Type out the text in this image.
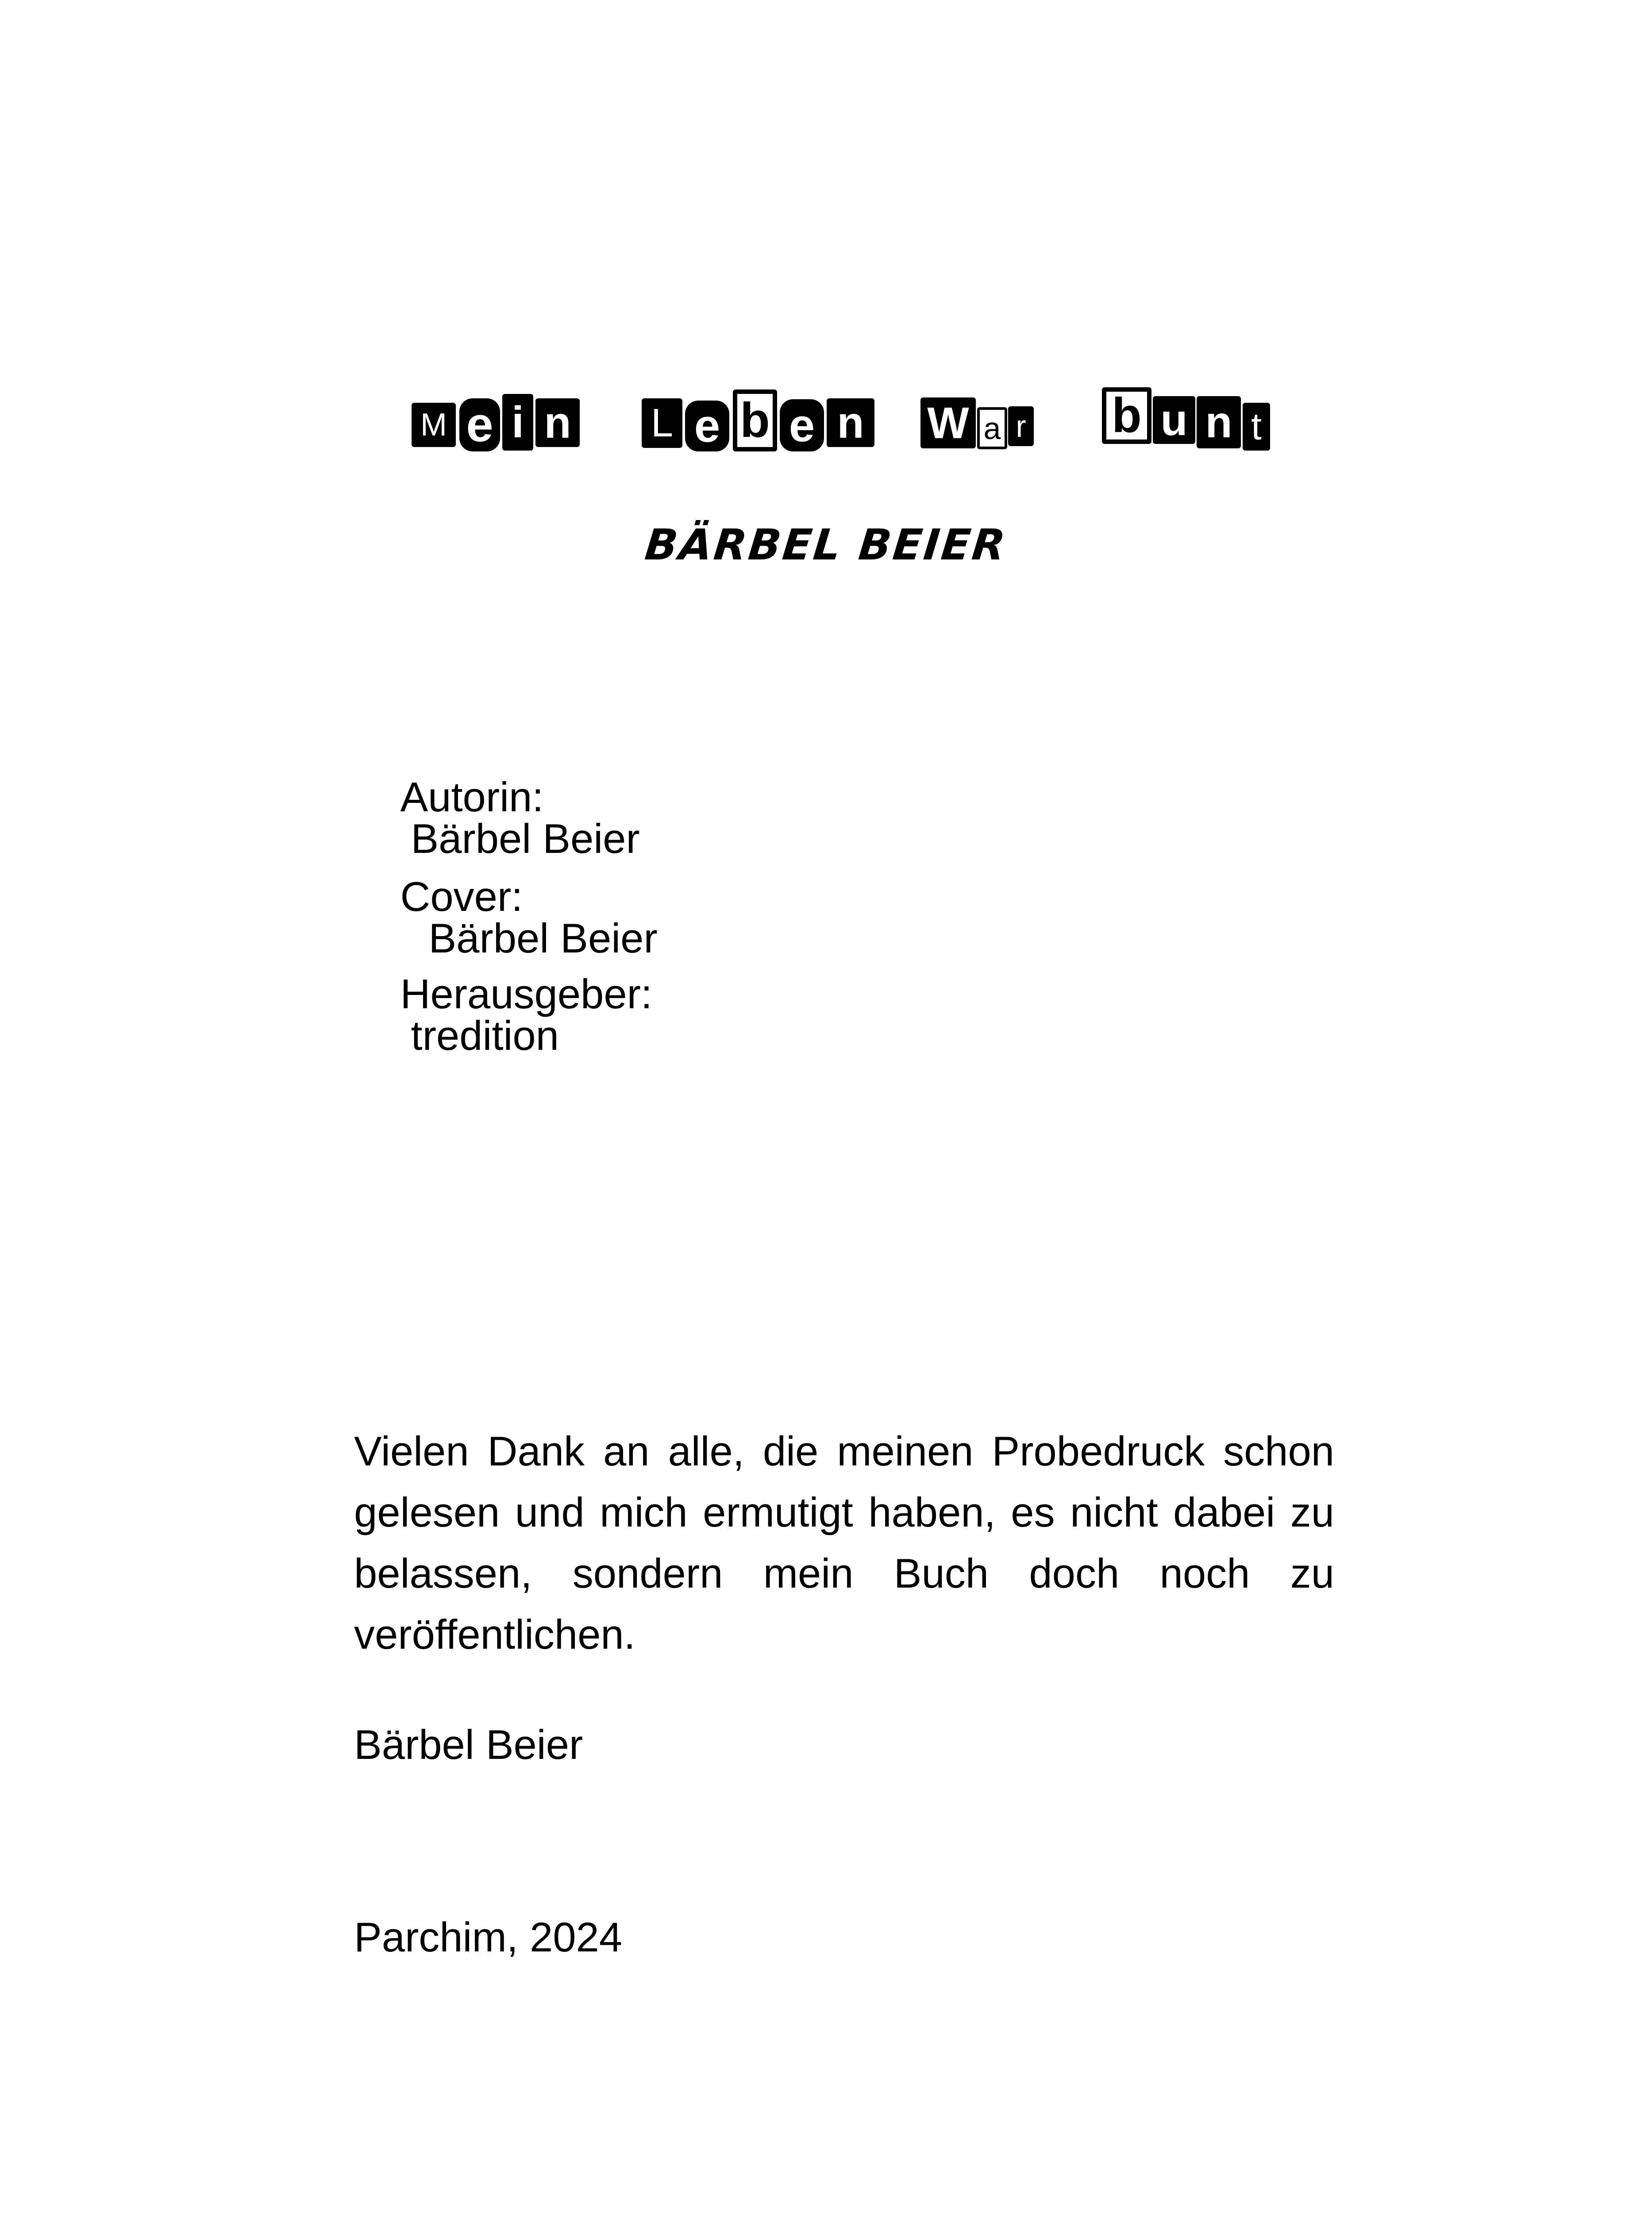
M e i n L e b e n W a r b u n t
BÄRBEL BEIER

Autorin:
Bärbel Beier

Cover:
Bärbel Beier

Herausgeber:
tredition

Vielen Dank an alle, die meinen Probedruck schon gelesen und mich ermutigt haben, es nicht dabei zu belassen, sondern mein Buch doch noch zu veröffentlichen.
Bärbel Beier
Parchim, 2024
